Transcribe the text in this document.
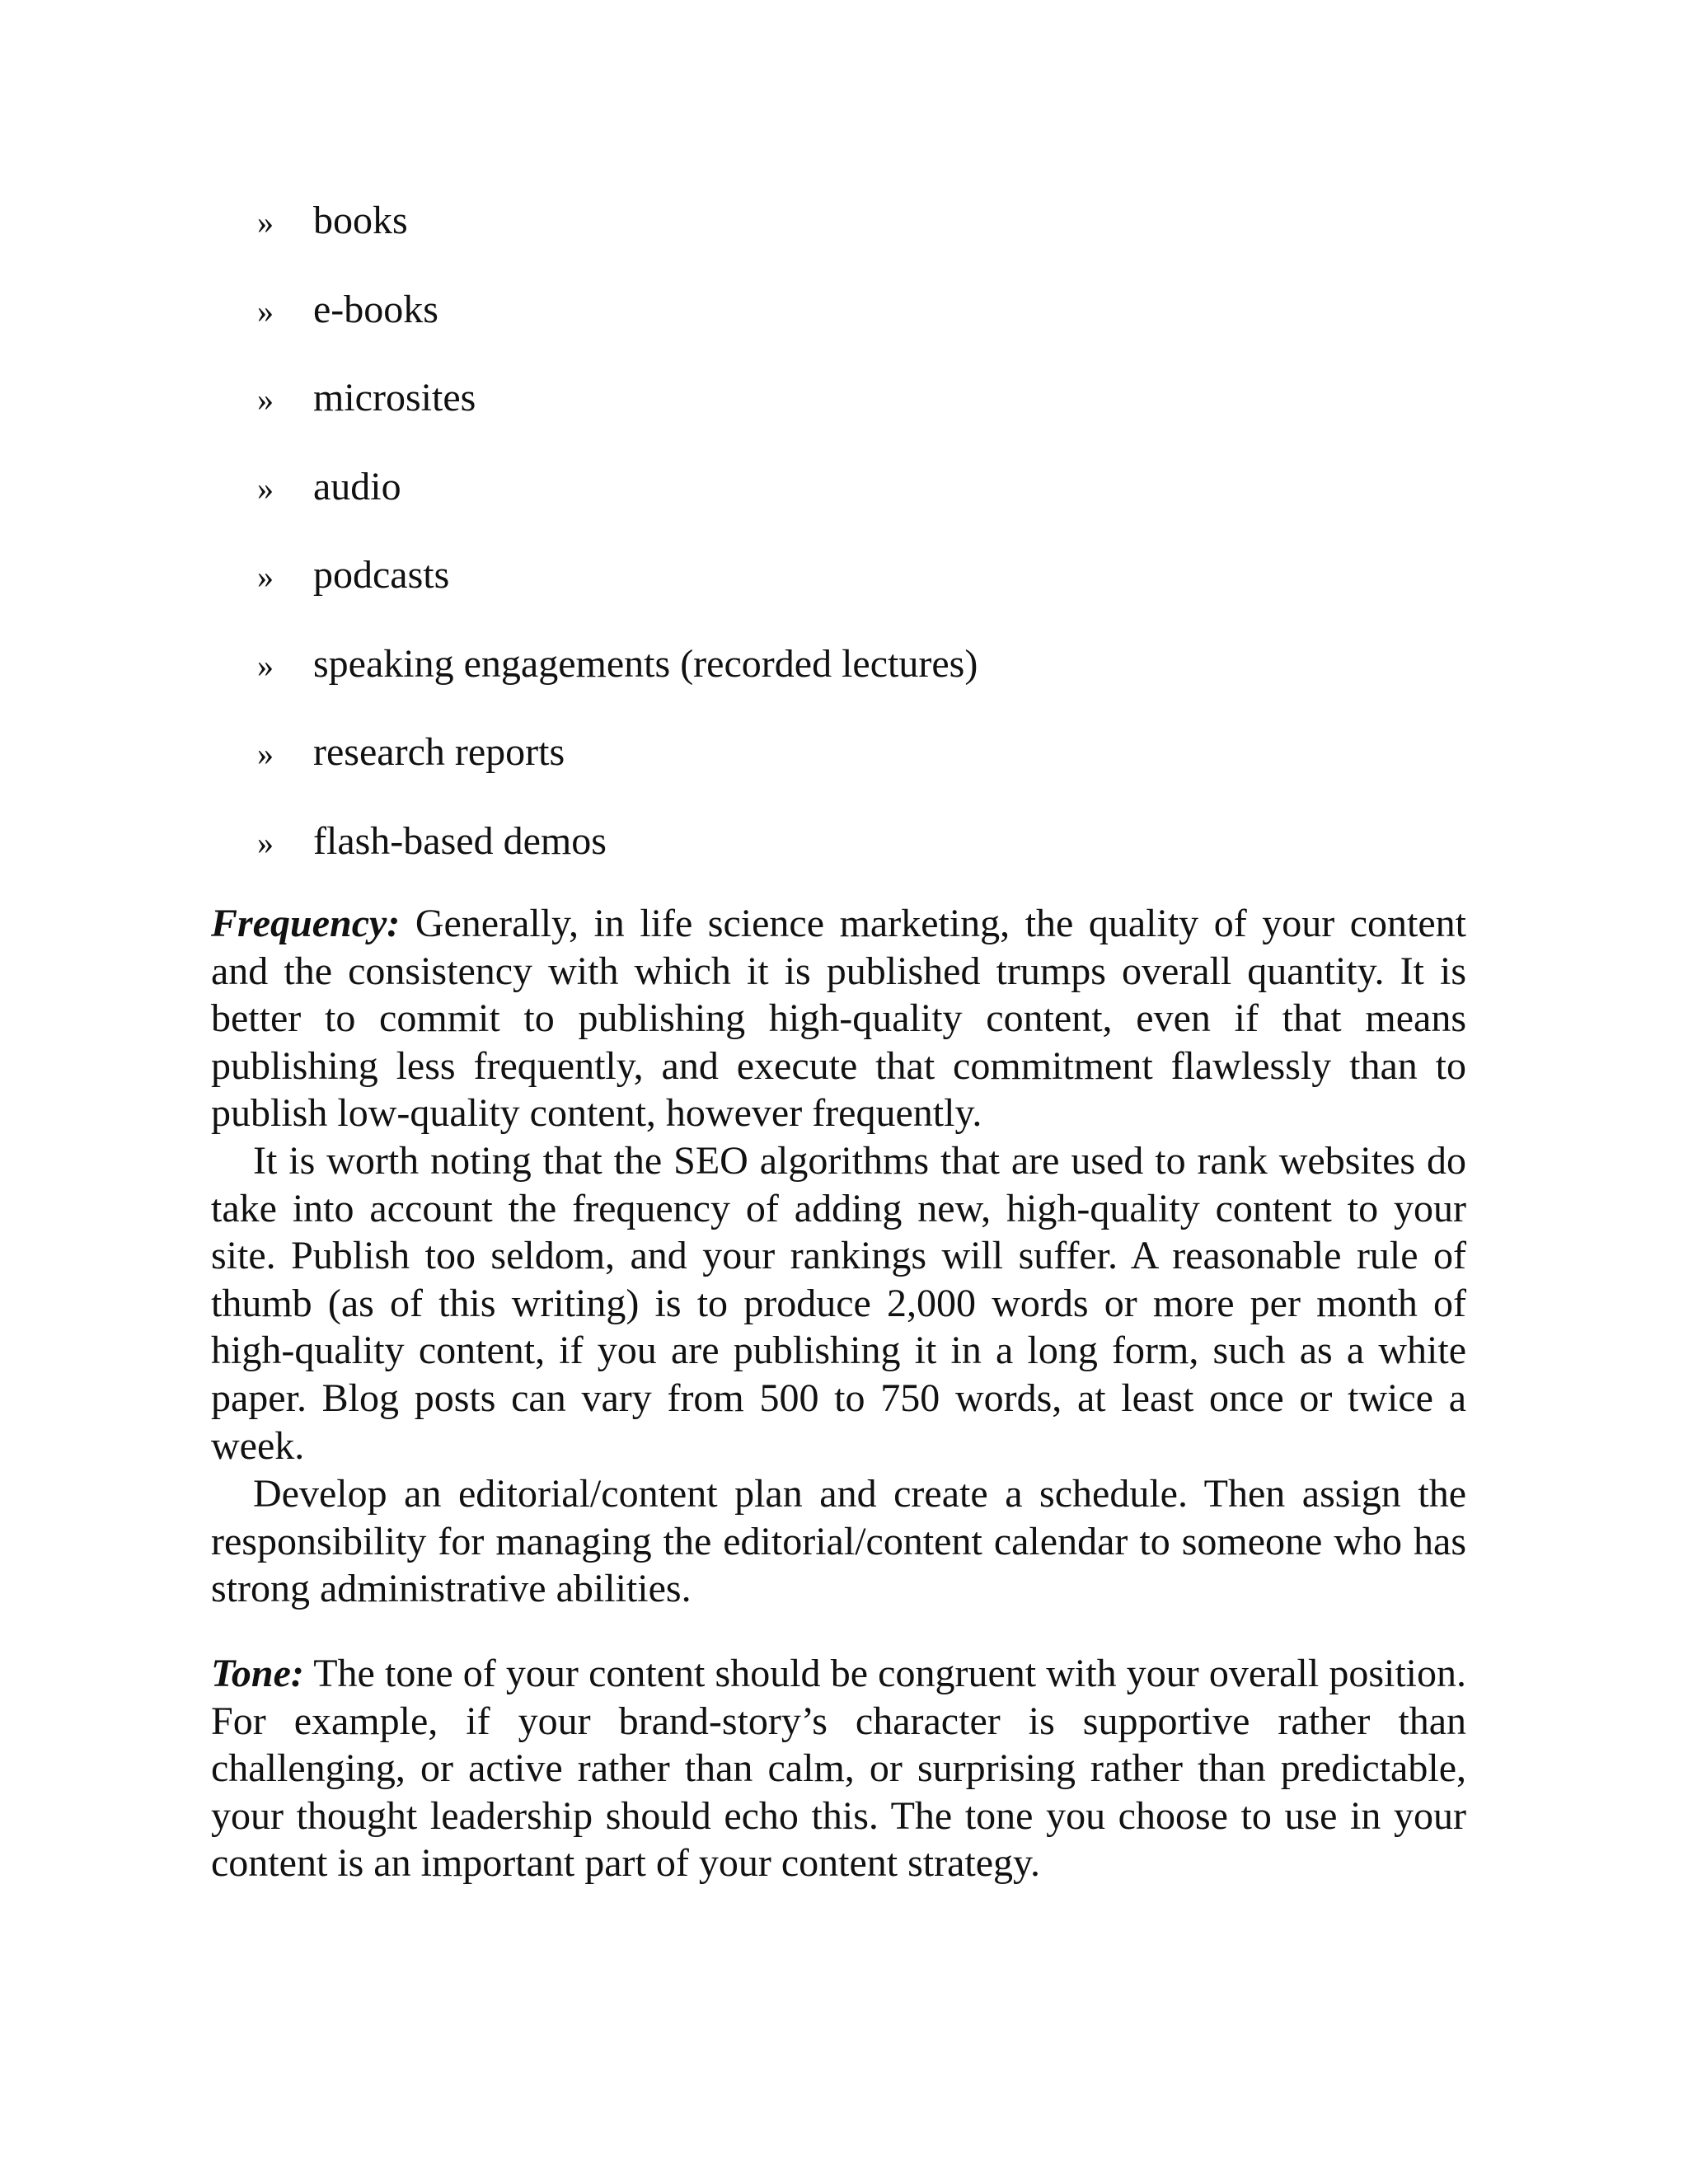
»	books
»	e-books
»	microsites
»	audio
»	podcasts
»	speaking engagements (recorded lectures)
»	research reports
»	flash-based demos

Frequency: Generally, in life science marketing, the quality of your content and the consistency with which it is published trumps overall quantity. It is better to commit to publishing high-quality content, even if that means publishing less frequently, and execute that commitment flawlessly than to publish low-quality content, however frequently.

It is worth noting that the SEO algorithms that are used to rank websites do take into account the frequency of adding new, high-quality content to your site. Publish too seldom, and your rankings will suffer. A reasonable rule of thumb (as of this writing) is to produce 2,000 words or more per month of high-quality content, if you are publishing it in a long form, such as a white paper. Blog posts can vary from 500 to 750 words, at least once or twice a week.

Develop an editorial/content plan and create a schedule. Then assign the responsibility for managing the editorial/content calendar to someone who has strong administrative abilities.

Tone: The tone of your content should be congruent with your overall position. For example, if your brand-story’s character is supportive rather than challenging, or active rather than calm, or surprising rather than predictable, your thought leadership should echo this. The tone you choose to use in your content is an important part of your content strategy.
